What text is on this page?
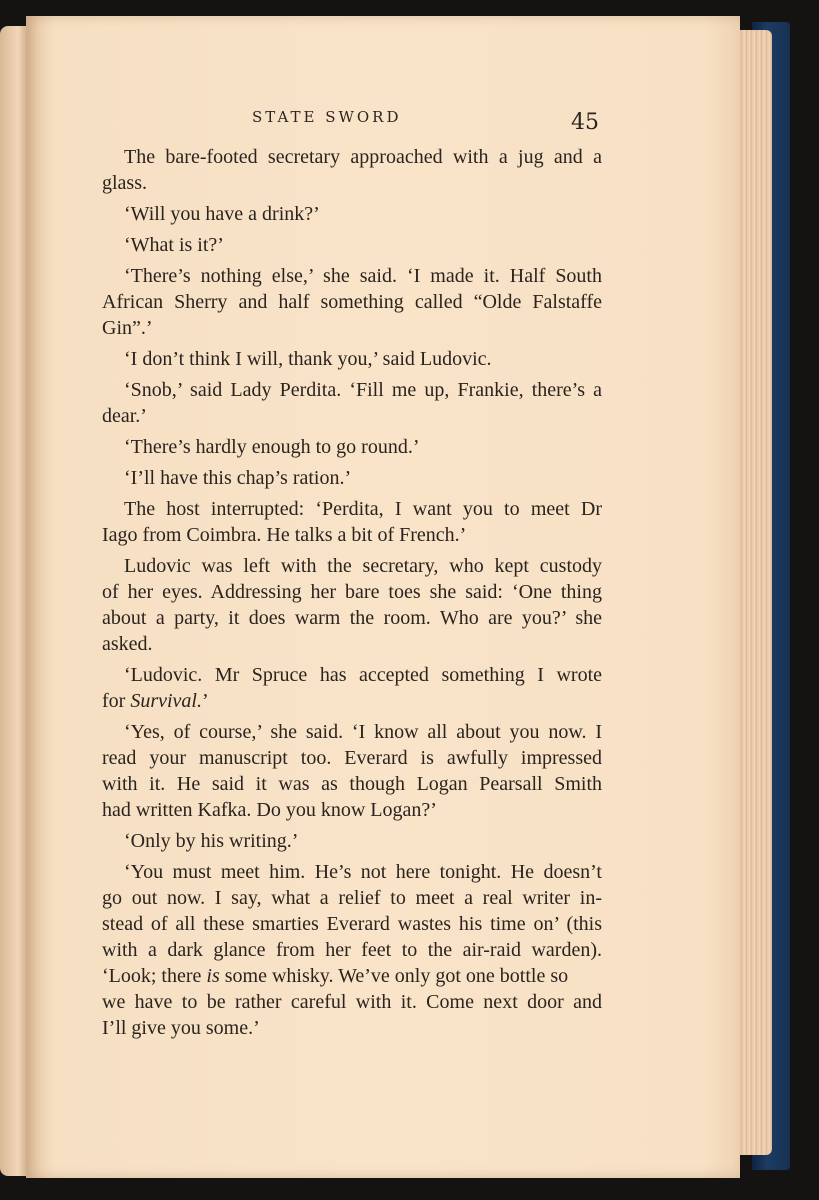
STATE SWORD	45
The bare-footed secretary approached with a jug and a
glass.
‘Will you have a drink?’
‘What is it?’
‘There’s nothing else,’ she said. ‘I made it. Half South
African Sherry and half something called “Olde Falstaffe
Gin”.’
‘I don’t think I will, thank you,’ said Ludovic.
‘Snob,’ said Lady Perdita. ‘Fill me up, Frankie, there’s a
dear.’
‘There’s hardly enough to go round.’
‘I’ll have this chap’s ration.’
The host interrupted: ‘Perdita, I want you to meet Dr
Iago from Coimbra. He talks a bit of French.’
Ludovic was left with the secretary, who kept custody
of her eyes. Addressing her bare toes she said: ‘One thing
about a party, it does warm the room. Who are you?’ she
asked.
‘Ludovic. Mr Spruce has accepted something I wrote
for Survival.’
‘Yes, of course,’ she said. ‘I know all about you now. I
read your manuscript too. Everard is awfully impressed
with it. He said it was as though Logan Pearsall Smith
had written Kafka. Do you know Logan?’
‘Only by his writing.’
‘You must meet him. He’s not here tonight. He doesn’t
go out now. I say, what a relief to meet a real writer in-
stead of all these smarties Everard wastes his time on’ (this
with a dark glance from her feet to the air-raid warden).
‘Look; there is some whisky. We’ve only got one bottle so
we have to be rather careful with it. Come next door and
I’ll give you some.’
